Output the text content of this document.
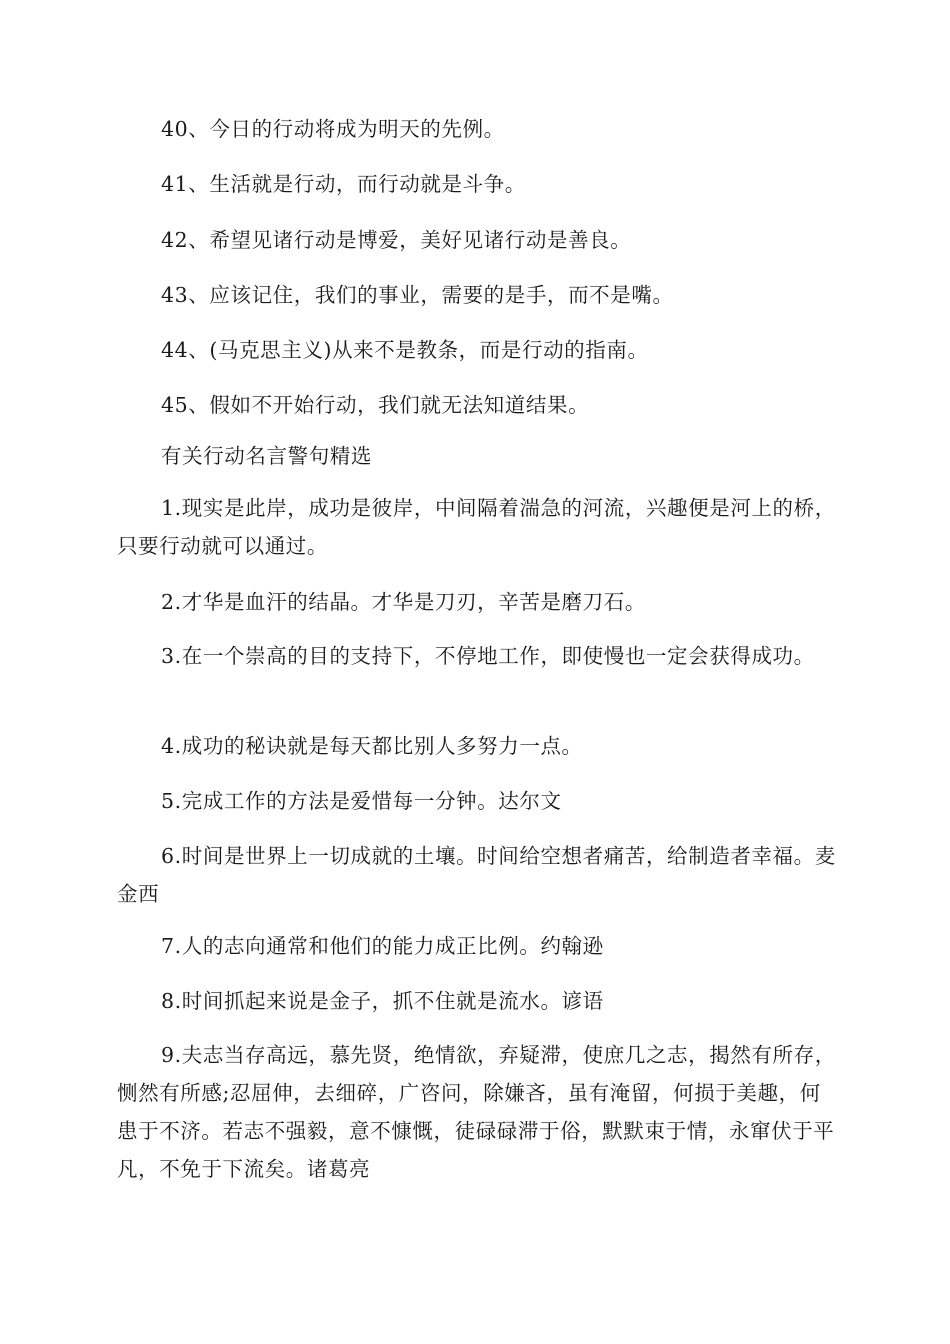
40、今日的行动将成为明天的先例。

41、生活就是行动，而行动就是斗争。

42、希望见诸行动是博爱，美好见诸行动是善良。

43、应该记住，我们的事业，需要的是手，而不是嘴。

44、(马克思主义)从来不是教条，而是行动的指南。

45、假如不开始行动，我们就无法知道结果。

有关行动名言警句精选

1.现实是此岸，成功是彼岸，中间隔着湍急的河流，兴趣便是河上的桥，只要行动就可以通过。

2.才华是血汗的结晶。才华是刀刃，辛苦是磨刀石。

3.在一个崇高的目的支持下，不停地工作，即使慢也一定会获得成功。

4.成功的秘诀就是每天都比别人多努力一点。

5.完成工作的方法是爱惜每一分钟。达尔文

6.时间是世界上一切成就的土壤。时间给空想者痛苦，给制造者幸福。麦金西

7.人的志向通常和他们的能力成正比例。约翰逊

8.时间抓起来说是金子，抓不住就是流水。谚语

9.夫志当存高远，慕先贤，绝情欲，弃疑滞，使庶几之志，揭然有所存，恻然有所感;忍屈伸，去细碎，广咨问，除嫌吝，虽有淹留，何损于美趣，何患于不济。若志不强毅，意不慷慨，徒碌碌滞于俗，默默束于情，永窜伏于平凡，不免于下流矣。诸葛亮
